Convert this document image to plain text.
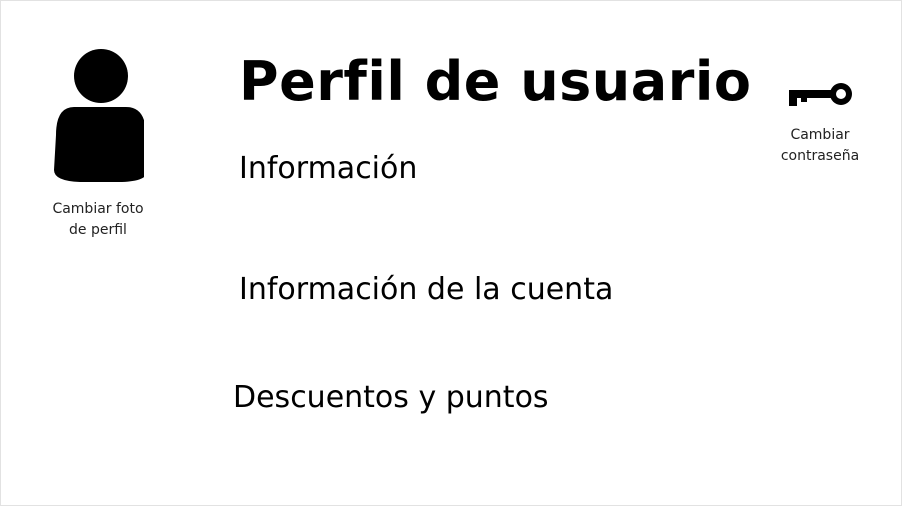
Cambiar foto
de perfil
Perfil de usuario
Cambiar
contraseña
Información
Información de la cuenta
Descuentos y puntos
